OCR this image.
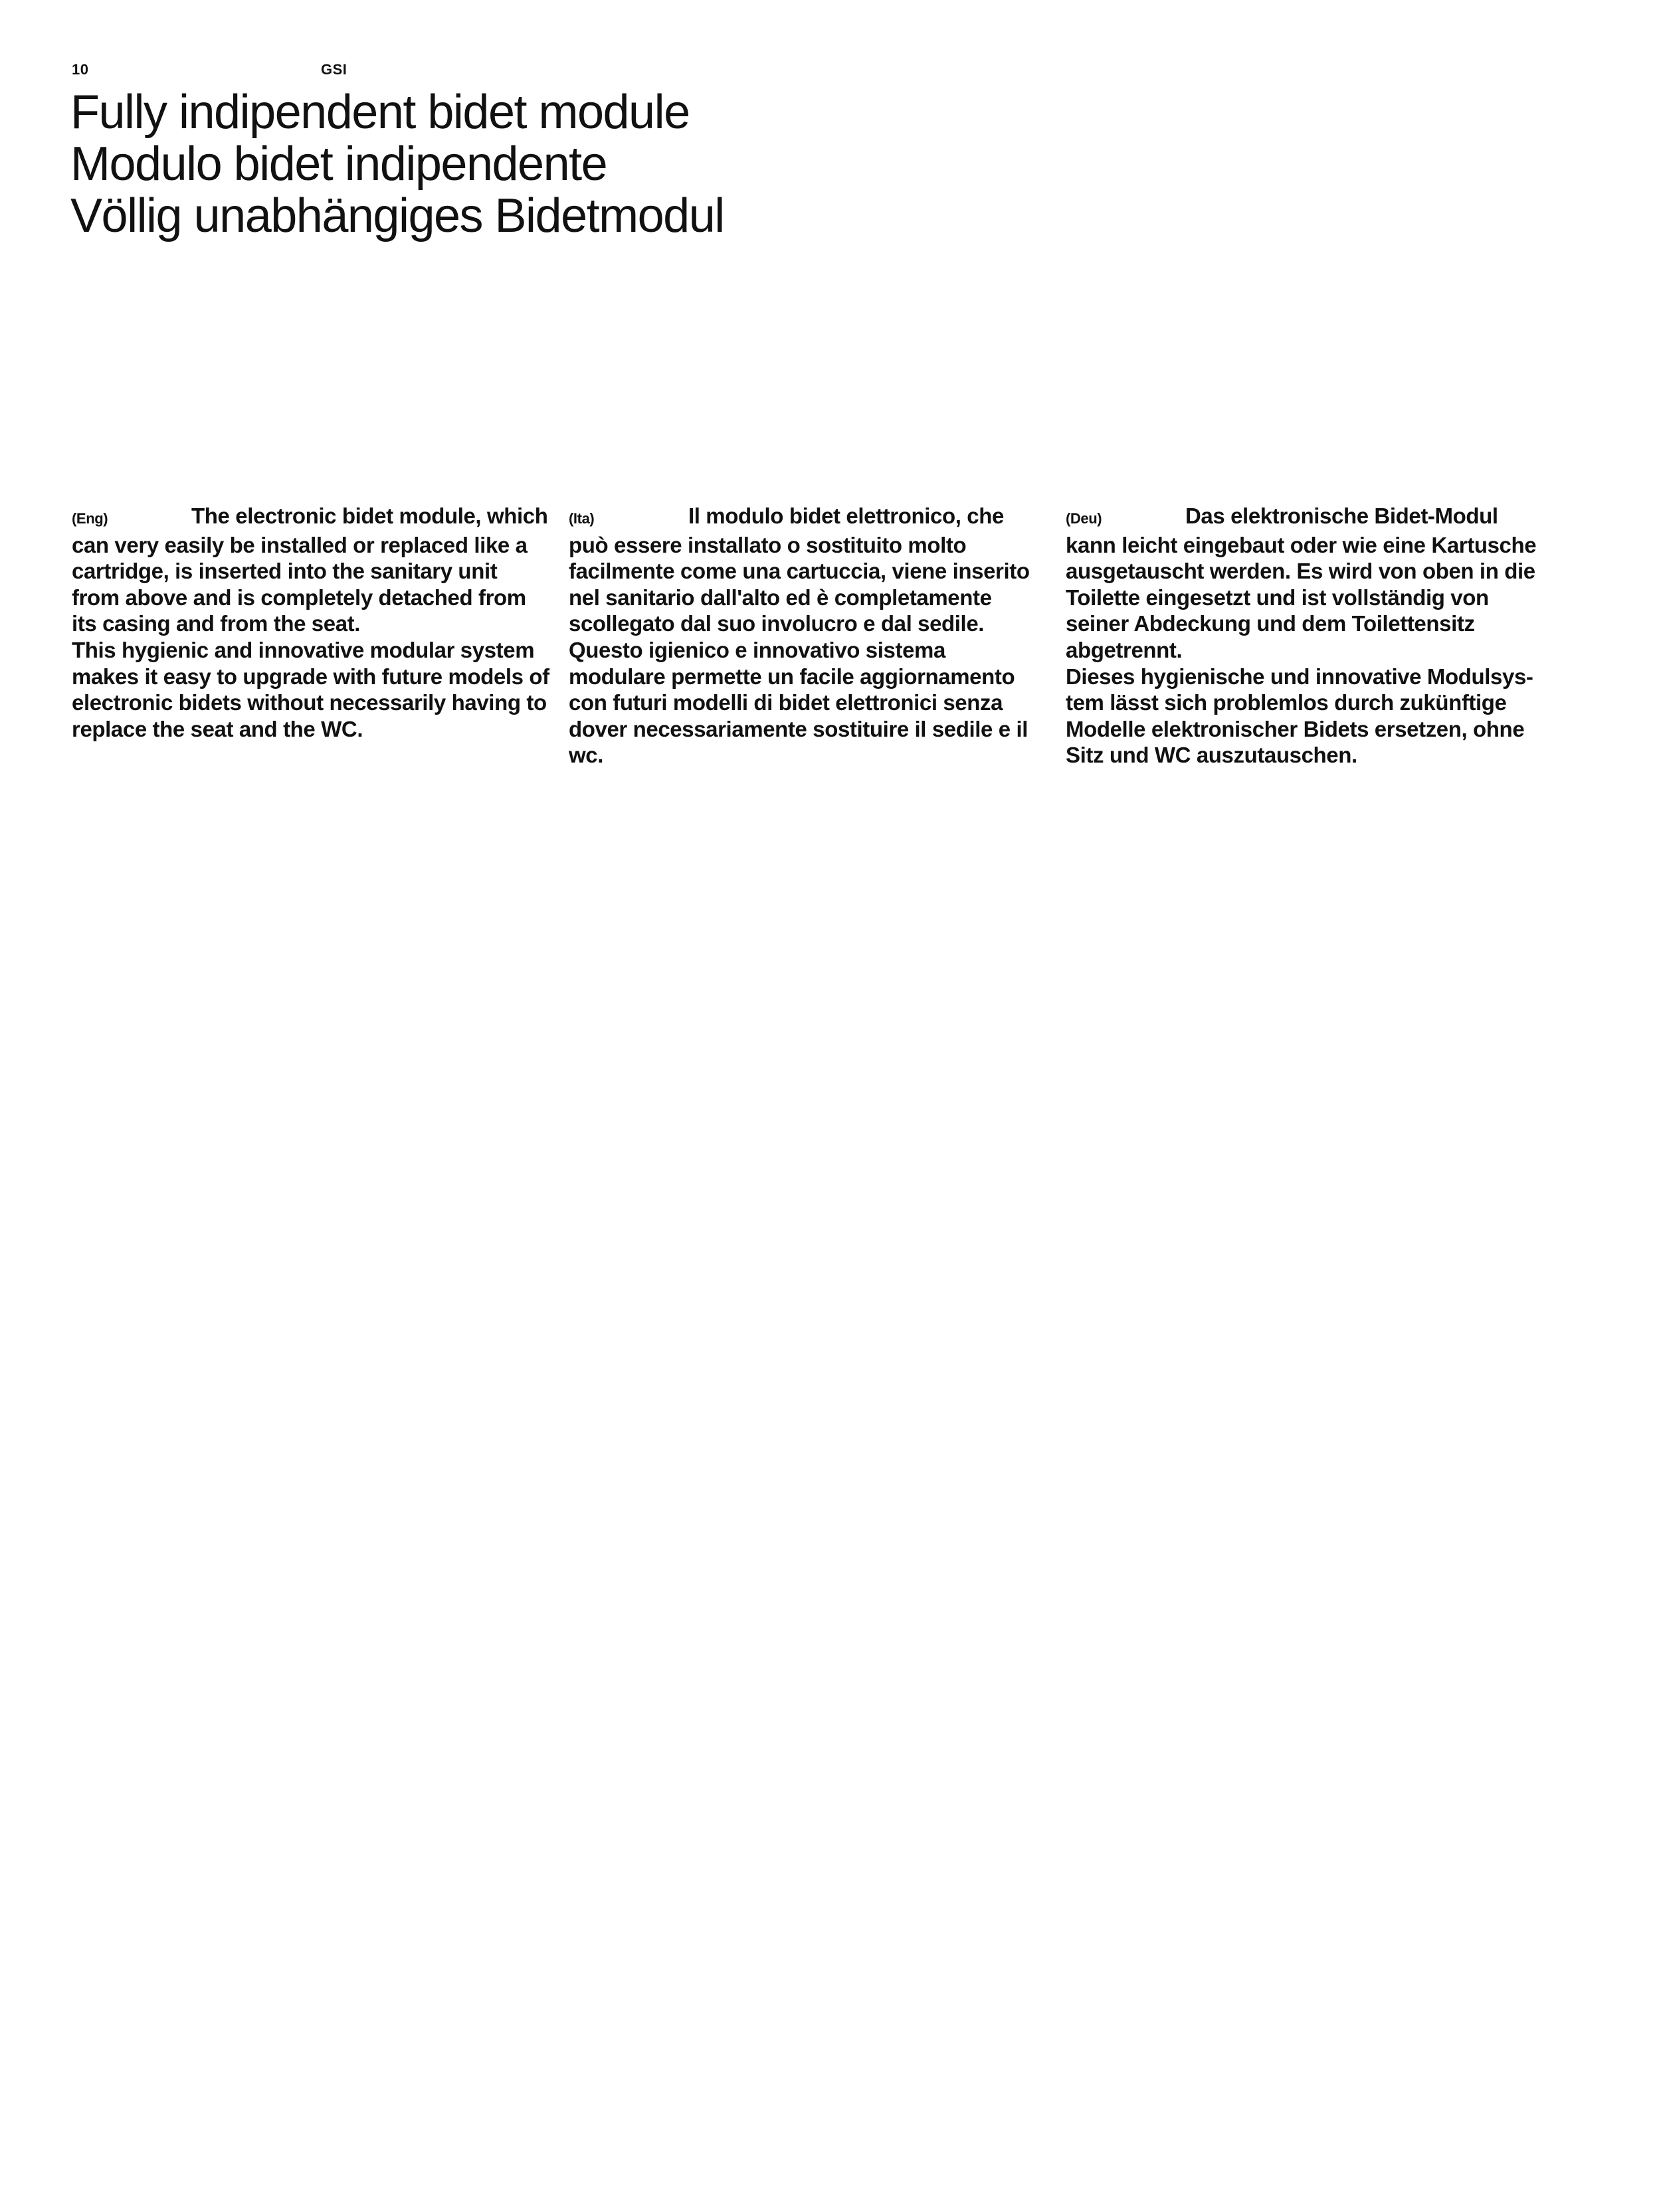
10	GSI
Fully indipendent bidet module
Modulo bidet indipendente
Völlig unabhängiges Bidetmodul

(Eng)	The electronic bidet module, which can very easily be installed or replaced like a cartridge, is inserted into the sanitary unit from above and is completely detached from its casing and from the seat.

This hygienic and innovative modular system makes it easy to upgrade with future models of electronic bidets without necessarily having to replace the seat and the WC.

(Ita)	Il modulo bidet elettronico, che può essere installato o sostituito molto facilmente come una cartuccia, viene inserito nel sanitario dall'alto ed è completamente scollegato dal suo involucro e dal sedile.

Questo igienico e innovativo sistema modulare permette un facile aggiornamento con futuri modelli di bidet elettronici senza dover necessariamente sostituire il sedile e il wc.

(Deu)	Das elektronische Bidet-Modul kann leicht eingebaut oder wie eine Kartusche ausgetauscht werden. Es wird von oben in die Toilette eingesetzt und ist vollständig von seiner Abdeckung und dem Toilettensitz abgetrennt.

Dieses hygienische und innovative Modulsystem lässt sich problemlos durch zukünftige Modelle elektronischer Bidets ersetzen, ohne Sitz und WC auszutauschen.
